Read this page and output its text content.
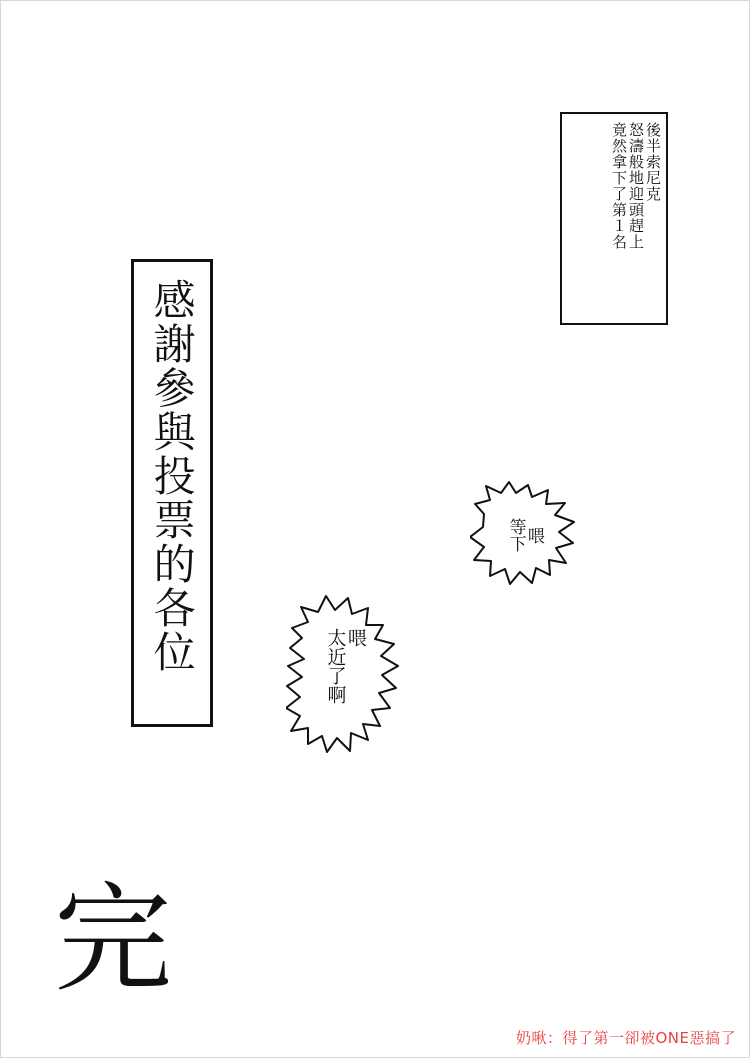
後半索尼克
怒濤般地迎頭趕上
竟然拿下了第１名
感謝參與投票的各位	喂
等下
喂
太近了啊
完
奶啾：得了第一卻被ONE惡搞了
